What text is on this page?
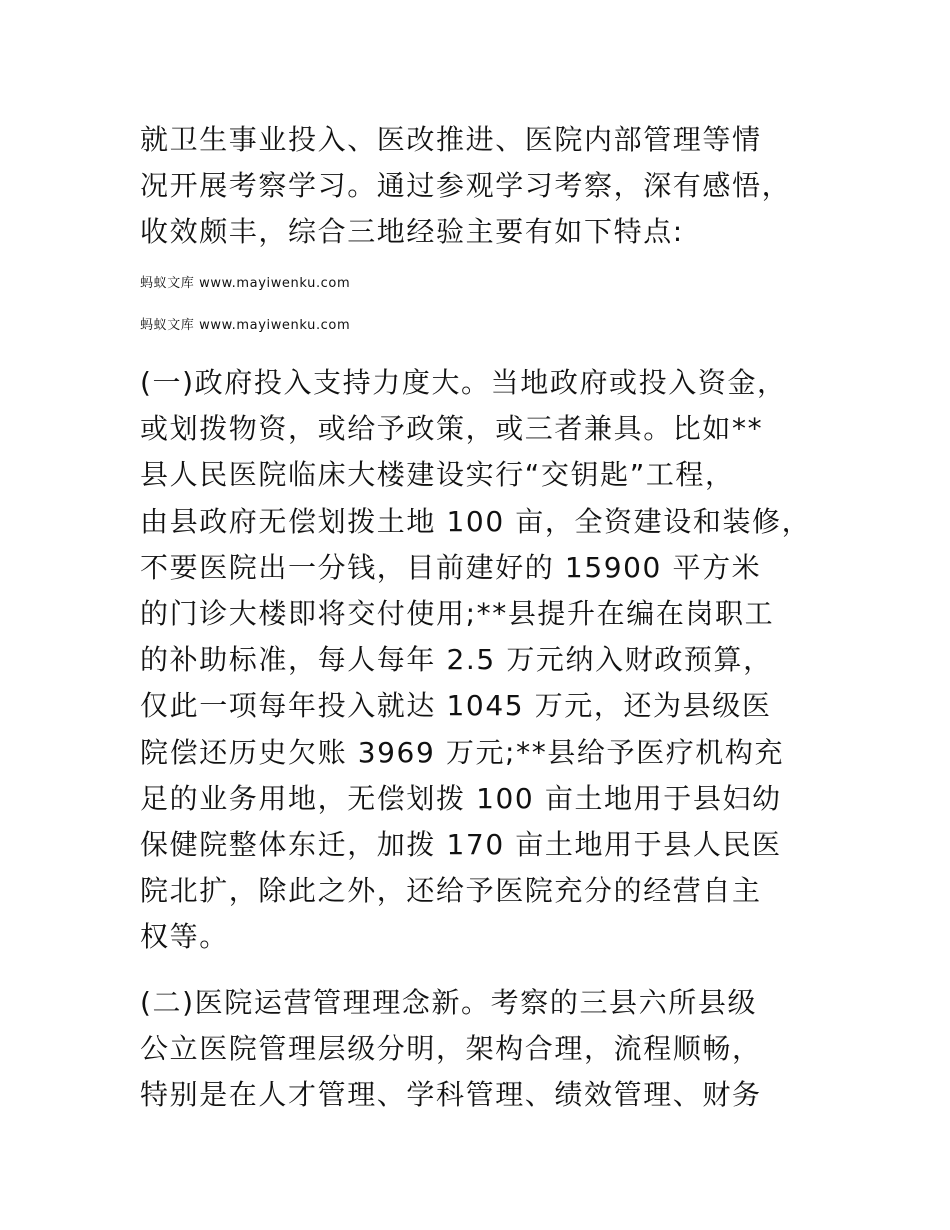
就卫生事业投入、医改推进、医院内部管理等情
况开展考察学习。通过参观学习考察，深有感悟，
收效颇丰，综合三地经验主要有如下特点:
蚂蚁文库 www.mayiwenku.com
蚂蚁文库 www.mayiwenku.com
(一)政府投入支持力度大。当地政府或投入资金，
或划拨物资，或给予政策，或三者兼具。比如**
县人民医院临床大楼建设实行“交钥匙”工程，
由县政府无偿划拨土地 100 亩，全资建设和装修，
不要医院出一分钱，目前建好的 15900 平方米
的门诊大楼即将交付使用;**县提升在编在岗职工
的补助标准，每人每年 2.5 万元纳入财政预算，
仅此一项每年投入就达 1045 万元，还为县级医
院偿还历史欠账 3969 万元;**县给予医疗机构充
足的业务用地，无偿划拨 100 亩土地用于县妇幼
保健院整体东迁，加拨 170 亩土地用于县人民医
院北扩，除此之外，还给予医院充分的经营自主
权等。
(二)医院运营管理理念新。考察的三县六所县级
公立医院管理层级分明，架构合理，流程顺畅，
特别是在人才管理、学科管理、绩效管理、财务
